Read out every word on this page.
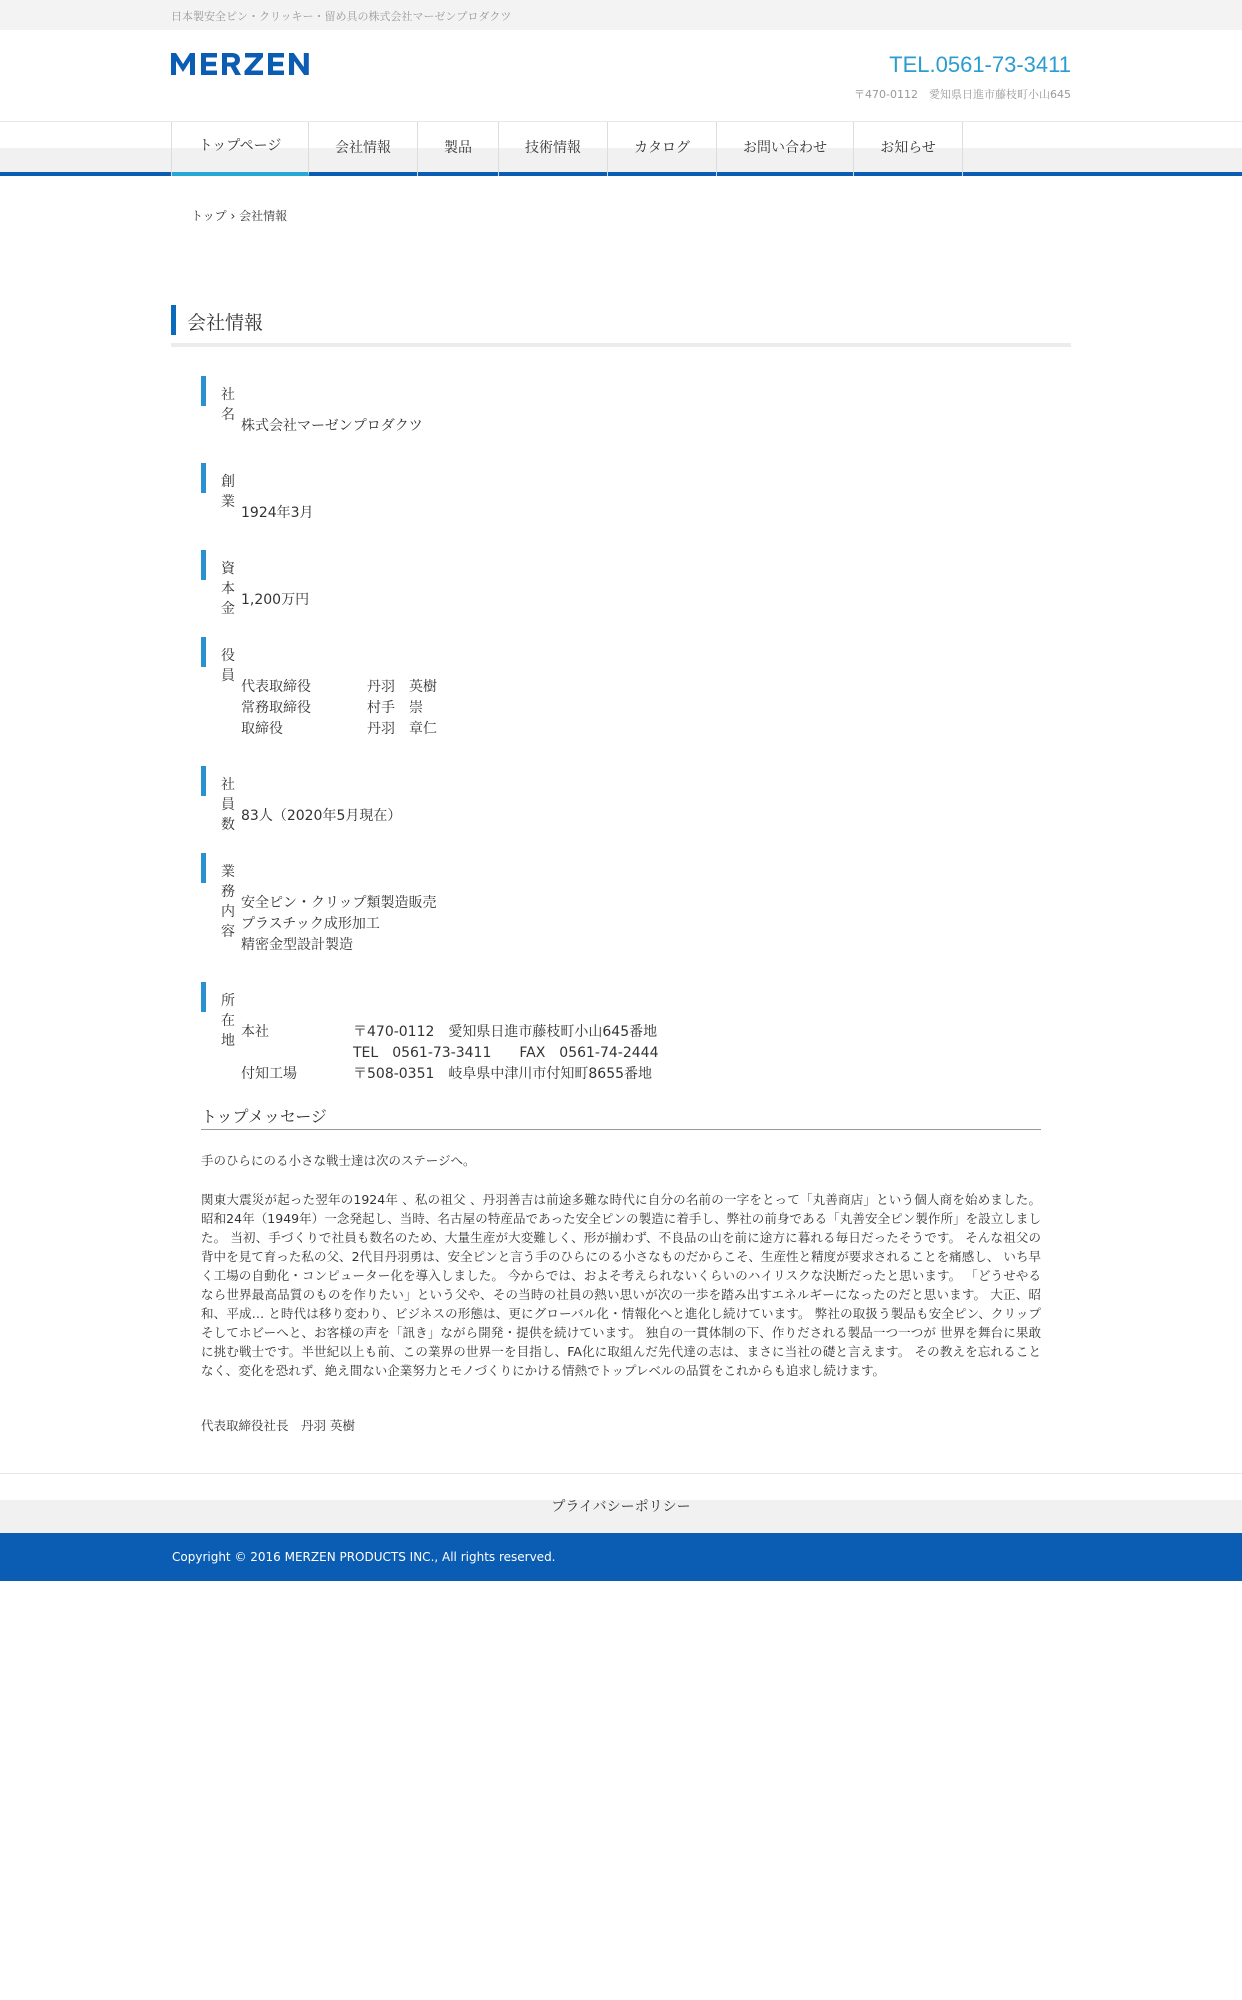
日本製安全ピン・クリッキー・留め具の株式会社マーゼンプロダクツ
TEL.0561-73-3411
〒470-0112　愛知県日進市藤枝町小山645
トップページ	会社情報	製品	技術情報	カタログ	お問い合わせ	お知らせ
トップ › 会社情報
会社情報
社名
株式会社マーゼンプロダクツ
創業
1924年3月
資本金
1,200万円
役員
代表取締役	丹羽　英樹
常務取締役	村手　崇
取締役	丹羽　章仁
社員数
83人（2020年5月現在）
業務内容
安全ピン・クリップ類製造販売
プラスチック成形加工
精密金型設計製造
所在地
本社	〒470-0112　愛知県日進市藤枝町小山645番地
TEL　0561-73-3411　　FAX　0561-74-2444
付知工場	〒508-0351　岐阜県中津川市付知町8655番地
トップメッセージ
手のひらにのる小さな戦士達は次のステージへ。
関東大震災が起った翌年の1924年 、私の祖父 、丹羽善吉は前途多難な時代に自分の名前の一字をとって「丸善商店」という個人商を始めました。 昭和24年（1949年）一念発起し、当時、名古屋の特産品であった安全ピンの製造に着手し、弊社の前身である「丸善安全ピン製作所」を設立しました。 当初、手づくりで社員も数名のため、大量生産が大変難しく、形が揃わず、不良品の山を前に途方に暮れる毎日だったそうです。 そんな祖父の背中を見て育った私の父、2代目丹羽勇は、安全ピンと言う手のひらにのる小さなものだからこそ、生産性と精度が要求されることを痛感し、 いち早く工場の自動化・コンピューター化を導入しました。 今からでは、およそ考えられないくらいのハイリスクな決断だったと思います。 「どうせやるなら世界最高品質のものを作りたい」という父や、その当時の社員の熱い思いが次の一歩を踏み出すエネルギーになったのだと思います。 大正、昭和、平成… と時代は移り変わり、ビジネスの形態は、更にグローバル化・情報化へと進化し続けています。 弊社の取扱う製品も安全ピン、クリップそしてホビーへと、お客様の声を「訊き」ながら開発・提供を続けています。 独自の一貫体制の下、作りだされる製品一つ一つが 世界を舞台に果敢に挑む戦士です。半世紀以上も前、この業界の世界一を目指し、FA化に取組んだ先代達の志は、まさに当社の礎と言えます。 その教えを忘れることなく、変化を恐れず、絶え間ない企業努力とモノづくりにかける情熱でトップレベルの品質をこれからも追求し続けます。
代表取締役社長　丹羽 英樹
プライバシーポリシー
Copyright © 2016 MERZEN PRODUCTS INC., All rights reserved.
